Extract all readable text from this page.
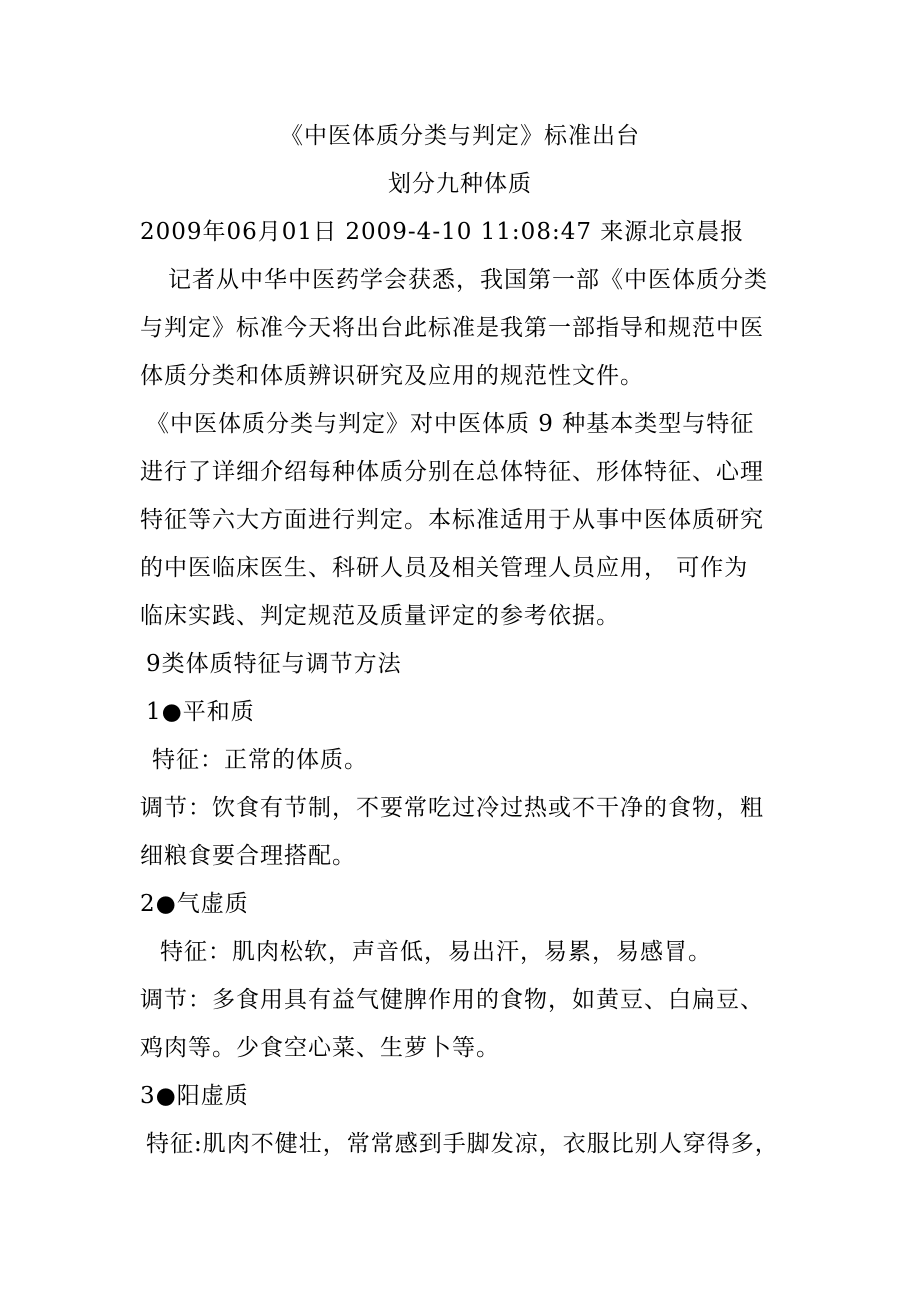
《中医体质分类与判定》标准出台
划分九种体质
2009年06月01日 2009-4-10 11:08:47 来源北京晨报
记者从中华中医药学会获悉，我国第一部《中医体质分类
与判定》标准今天将出台此标准是我第一部指导和规范中医
体质分类和体质辨识研究及应用的规范性文件。
《中医体质分类与判定》对中医体质 9 种基本类型与特征
进行了详细介绍每种体质分别在总体特征、形体特征、心理
特征等六大方面进行判定。本标准适用于从事中医体质研究
的中医临床医生、科研人员及相关管理人员应用， 可作为
临床实践、判定规范及质量评定的参考依据。
9类体质特征与调节方法
1●平和质
特征：正常的体质。
调节：饮食有节制，不要常吃过冷过热或不干净的食物，粗
细粮食要合理搭配。
2●气虚质
特征：肌肉松软，声音低，易出汗，易累，易感冒。
调节：多食用具有益气健脾作用的食物，如黄豆、白扁豆、
鸡肉等。少食空心菜、生萝卜等。
3●阳虚质
特征:肌肉不健壮，常常感到手脚发凉，衣服比别人穿得多，
